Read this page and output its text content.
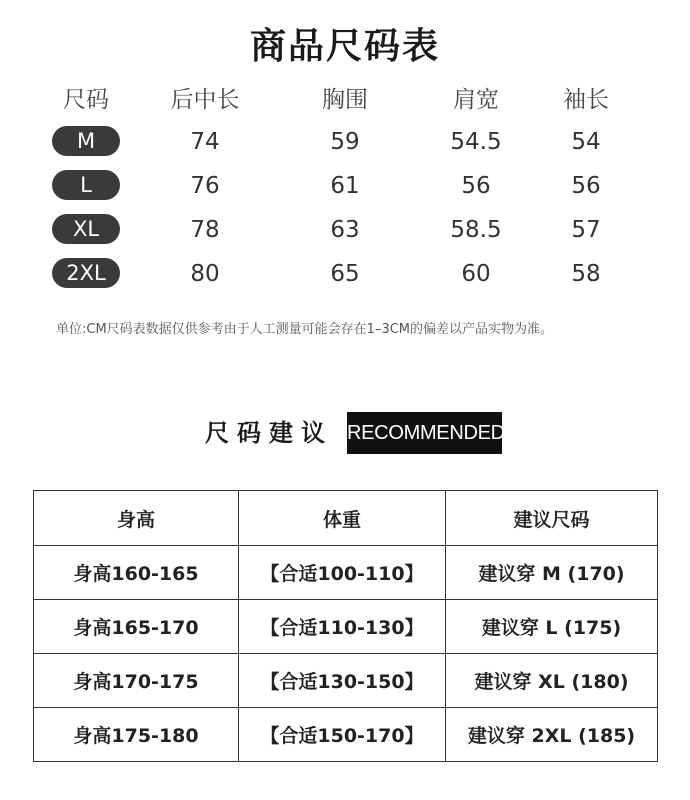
商品尺码表
尺码	后中长	胸围	肩宽	袖长
M	74	59	54.5	54
L	76	61	56	56
XL	78	63	58.5	57
2XL	80	65	60	58
单位:CM尺码表数据仅供参考由于人工测量可能会存在1–3CM的偏差以产品实物为准。
尺码建议 RECOMMENDED
身高	体重	建议尺码
身高160-165	【合适100-110】	建议穿 M (170)
身高165-170	【合适110-130】	建议穿 L (175)
身高170-175	【合适130-150】	建议穿 XL (180)
身高175-180	【合适150-170】	建议穿 2XL (185)
